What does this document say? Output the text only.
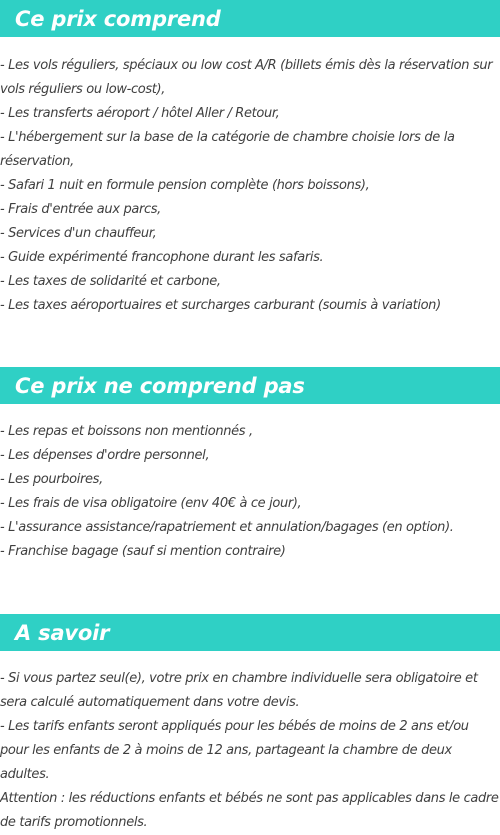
Ce prix comprend
- Les vols réguliers, spéciaux ou low cost A/R (billets émis dès la réservation sur vols réguliers ou low-cost),
- Les transferts aéroport / hôtel Aller / Retour,
- L'hébergement sur la base de la catégorie de chambre choisie lors de la réservation,
- Safari 1 nuit en formule pension complète (hors boissons),
- Frais d'entrée aux parcs,
- Services d'un chauffeur,
- Guide expérimenté francophone durant les safaris.
- Les taxes de solidarité et carbone,
- Les taxes aéroportuaires et surcharges carburant (soumis à variation)
Ce prix ne comprend pas
- Les repas et boissons non mentionnés ,
- Les dépenses d'ordre personnel,
- Les pourboires,
- Les frais de visa obligatoire (env 40€ à ce jour),
- L'assurance assistance/rapatriement et annulation/bagages (en option).
- Franchise bagage (sauf si mention contraire)
A savoir
- Si vous partez seul(e), votre prix en chambre individuelle sera obligatoire et sera calculé automatiquement dans votre devis.
- Les tarifs enfants seront appliqués pour les bébés de moins de 2 ans et/ou pour les enfants de 2 à moins de 12 ans, partageant la chambre de deux adultes.
Attention : les réductions enfants et bébés ne sont pas applicables dans le cadre de tarifs promotionnels.
